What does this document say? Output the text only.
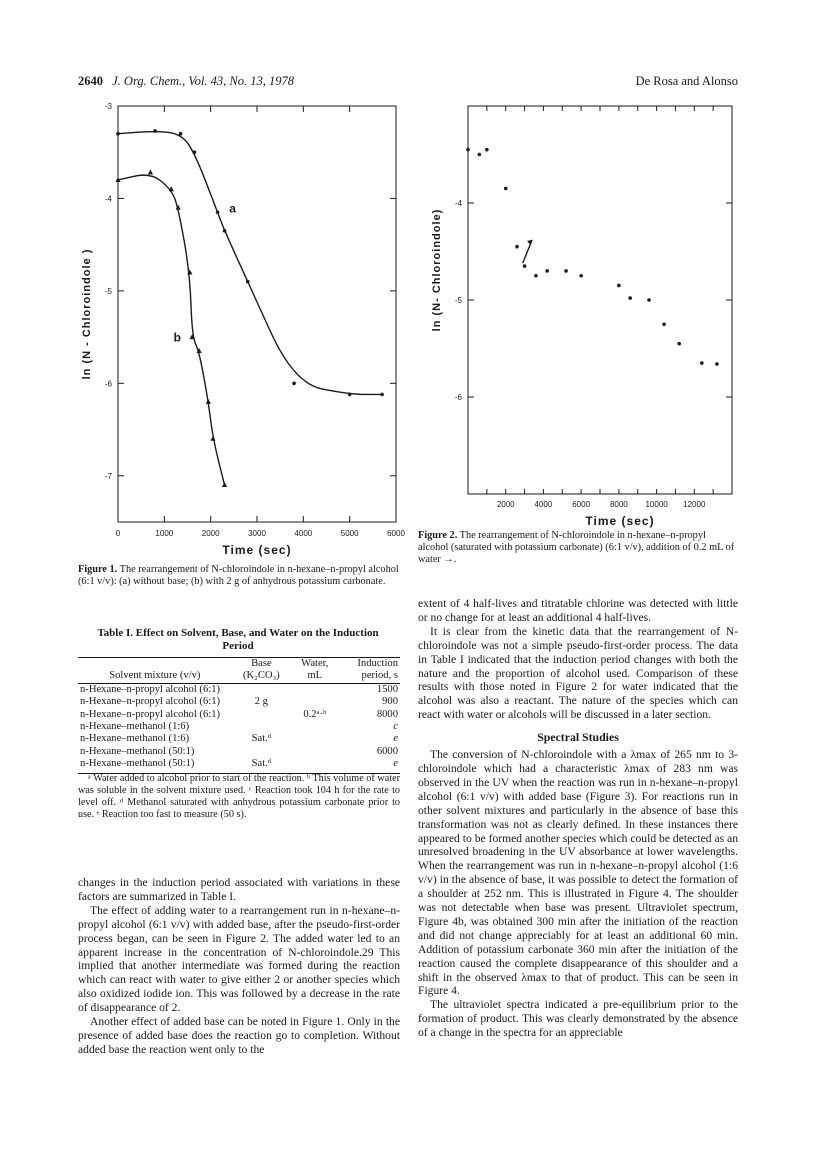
2640 J. Org. Chem., Vol. 43, No. 13, 1978	De Rosa and Alonso
0	1000	2000	3000	4000	5000	6000
-3
-4
-5
-6
-7
a
b
Time (sec)
ln (N - Chloroindole )
Figure 1. The rearrangement of N-chloroindole in n-hexane–n-propyl alcohol (6:1 v/v): (a) without base; (b) with 2 g of anhydrous potassium carbonate.
2000 4000 6000 8000 10000 12000
-4
-5
-6
Time (sec)
ln (N- Chloroindole)
Figure 2. The rearrangement of N-chloroindole in n-hexane–n-propyl alcohol (saturated with potassium carbonate) (6:1 v/v), addition of 0.2 mL of water →.
Table I. Effect on Solvent, Base, and Water on the Induction Period
Solvent mixture (v/v)	Base (K₂CO₃)	Water, mL	Induction period, s
n-Hexane–n-propyl alcohol (6:1)			1500
n-Hexane–n-propyl alcohol (6:1)	2 g		900
n-Hexane–n-propyl alcohol (6:1)		0.2ᵃ·ᵇ	8000
n-Hexane–methanol (1:6)			c
n-Hexane–methanol (1:6)	Sat.ᵈ		e
n-Hexane–methanol (50:1)			6000
n-Hexane–methanol (50:1)	Sat.ᵈ		e
ᵃ Water added to alcohol prior to start of the reaction. ᵇ This volume of water was soluble in the solvent mixture used. ᶜ Reaction took 104 h for the rate to level off. ᵈ Methanol saturated with anhydrous potassium carbonate prior to use. ᵉ Reaction too fast to measure (50 s).

changes in the induction period associated with variations in these factors are summarized in Table I.

The effect of adding water to a rearrangement run in n-hexane–n-propyl alcohol (6:1 v/v) with added base, after the pseudo-first-order process began, can be seen in Figure 2. The added water led to an apparent increase in the concentration of N-chloroindole.29 This implied that another intermediate was formed during the reaction which can react with water to give either 2 or another species which also oxidized iodide ion. This was followed by a decrease in the rate of disappearance of 2.

Another effect of added base can be noted in Figure 1. Only in the presence of added base does the reaction go to completion. Without added base the reaction went only to the

extent of 4 half-lives and titratable chlorine was detected with little or no change for at least an additional 4 half-lives.

It is clear from the kinetic data that the rearrangement of N-chloroindole was not a simple pseudo-first-order process. The data in Table I indicated that the induction period changes with both the nature and the proportion of alcohol used. Comparison of these results with those noted in Figure 2 for water indicated that the alcohol was also a reactant. The nature of the species which can react with water or alcohols will be discussed in a later section.

Spectral Studies

The conversion of N-chloroindole with a λmax of 265 nm to 3-chloroindole which had a characteristic λmax of 283 nm was observed in the UV when the reaction was run in n-hexane–n-propyl alcohol (6:1 v/v) with added base (Figure 3). For reactions run in other solvent mixtures and particularly in the absence of base this transformation was not as clearly defined. In these instances there appeared to be formed another species which could be detected as an unresolved broadening in the UV absorbance at lower wavelengths. When the rearrangement was run in n-hexane–n-propyl alcohol (1:6 v/v) in the absence of base, it was possible to detect the formation of a shoulder at 252 nm. This is illustrated in Figure 4. The shoulder was not detectable when base was present. Ultraviolet spectrum, Figure 4b, was obtained 300 min after the initiation of the reaction and did not change appreciably for at least an additional 60 min. Addition of potassium carbonate 360 min after the initiation of the reaction caused the complete disappearance of this shoulder and a shift in the observed λmax to that of product. This can be seen in Figure 4.

The ultraviolet spectra indicated a pre-equilibrium prior to the formation of product. This was clearly demonstrated by the absence of a change in the spectra for an appreciable
